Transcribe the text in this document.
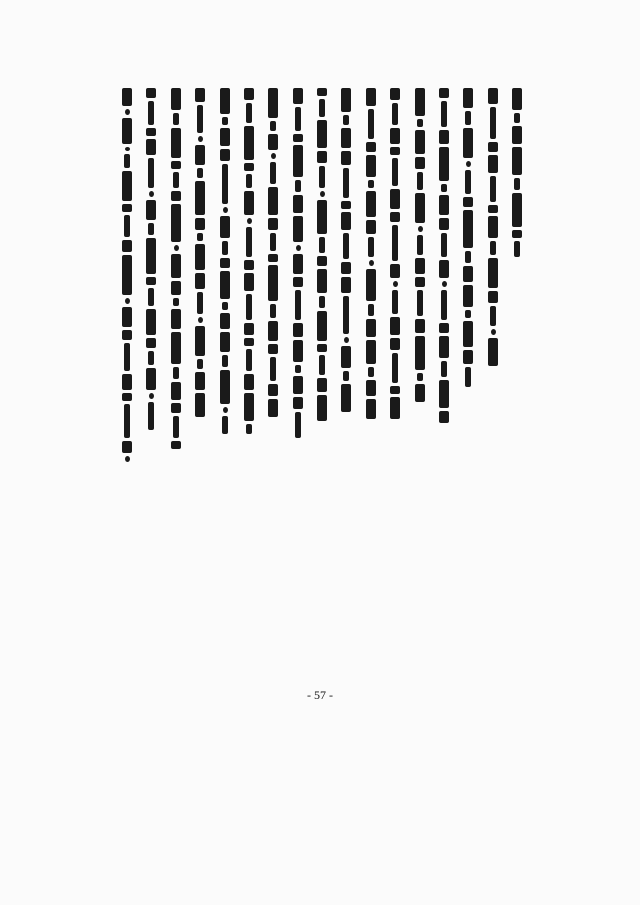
- 57 -
